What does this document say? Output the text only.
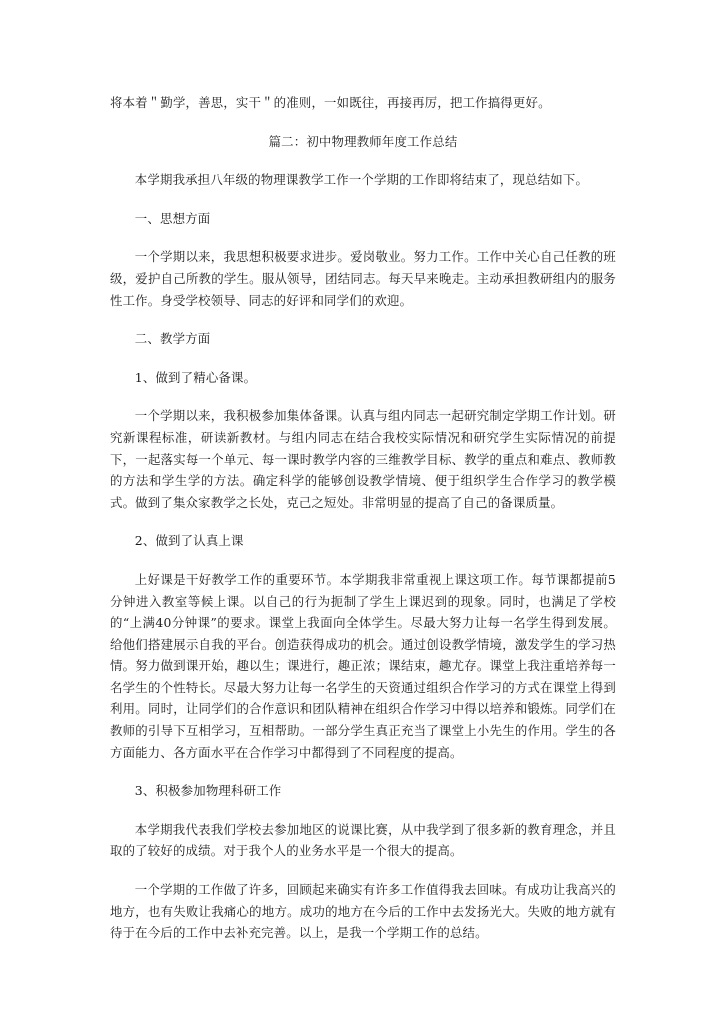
将本着＂勤学，善思，实干＂的准则，一如既往，再接再厉，把工作搞得更好。

篇二：初中物理教师年度工作总结

本学期我承担八年级的物理课教学工作一个学期的工作即将结束了，现总结如下。

一、思想方面

一个学期以来，我思想积极要求进步。爱岗敬业。努力工作。工作中关心自己任教的班级，爱护自己所教的学生。服从领导，团结同志。每天早来晚走。主动承担教研组内的服务性工作。身受学校领导、同志的好评和同学们的欢迎。

二、教学方面

1、做到了精心备课。

一个学期以来，我积极参加集体备课。认真与组内同志一起研究制定学期工作计划。研究新课程标准，研读新教材。与组内同志在结合我校实际情况和研究学生实际情况的前提下，一起落实每一个单元、每一课时教学内容的三维教学目标、教学的重点和难点、教师教的方法和学生学的方法。确定科学的能够创设教学情境、便于组织学生合作学习的教学模式。做到了集众家教学之长处，克己之短处。非常明显的提高了自己的备课质量。

2、做到了认真上课

上好课是干好教学工作的重要环节。本学期我非常重视上课这项工作。每节课都提前5分钟进入教室等候上课。以自己的行为扼制了学生上课迟到的现象。同时，也满足了学校的“上满40分钟课”的要求。课堂上我面向全体学生。尽最大努力让每一名学生得到发展。给他们搭建展示自我的平台。创造获得成功的机会。通过创设教学情境，激发学生的学习热情。努力做到课开始，趣以生；课进行，趣正浓；课结束，趣尤存。课堂上我注重培养每一名学生的个性特长。尽最大努力让每一名学生的天资通过组织合作学习的方式在课堂上得到利用。同时，让同学们的合作意识和团队精神在组织合作学习中得以培养和锻炼。同学们在教师的引导下互相学习，互相帮助。一部分学生真正充当了课堂上小先生的作用。学生的各方面能力、各方面水平在合作学习中都得到了不同程度的提高。

3、积极参加物理科研工作

本学期我代表我们学校去参加地区的说课比赛，从中我学到了很多新的教育理念，并且取的了较好的成绩。对于我个人的业务水平是一个很大的提高。

一个学期的工作做了许多，回顾起来确实有许多工作值得我去回味。有成功让我高兴的地方，也有失败让我痛心的地方。成功的地方在今后的工作中去发扬光大。失败的地方就有待于在今后的工作中去补充完善。以上，是我一个学期工作的总结。
